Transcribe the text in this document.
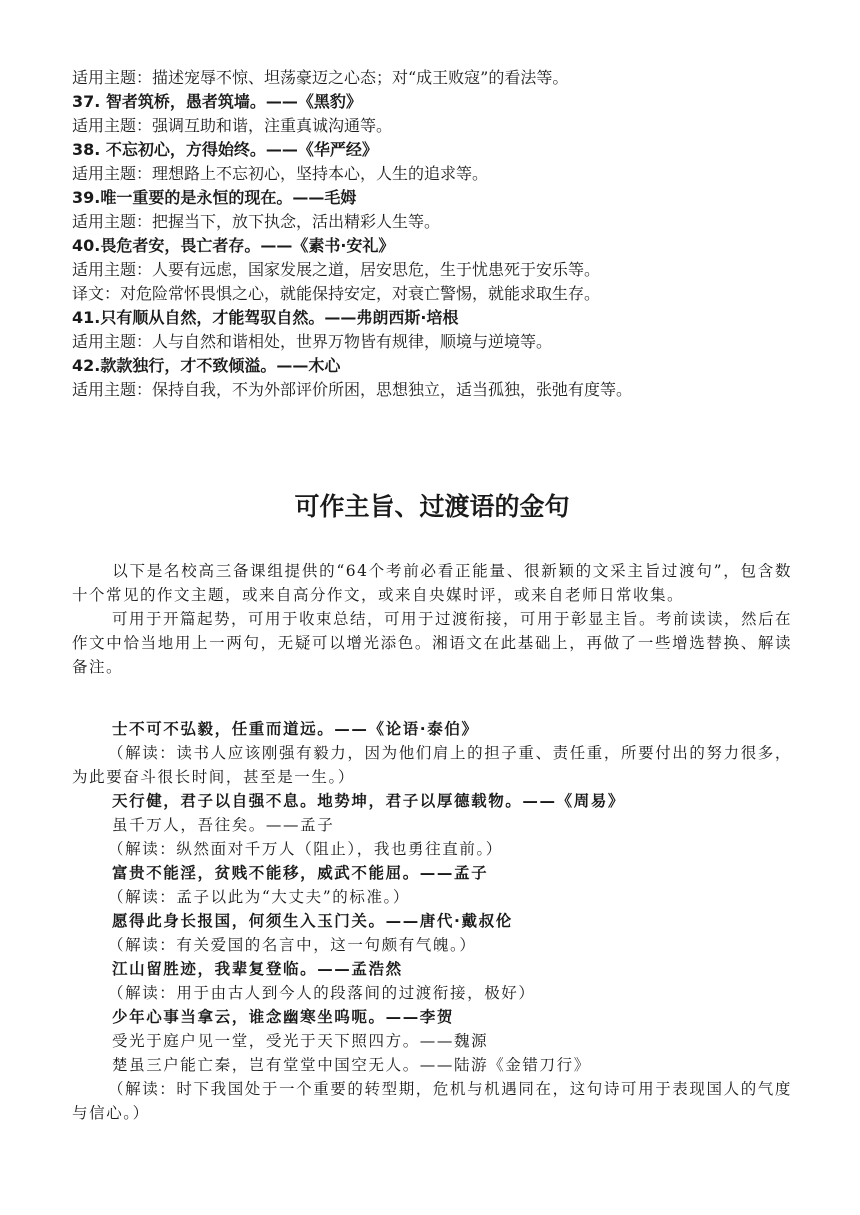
适用主题：描述宠辱不惊、坦荡豪迈之心态；对“成王败寇”的看法等。
37. 智者筑桥，愚者筑墙。——《黑豹》
适用主题：强调互助和谐，注重真诚沟通等。
38. 不忘初心，方得始终。——《华严经》
适用主题：理想路上不忘初心，坚持本心，人生的追求等。
39.唯一重要的是永恒的现在。——毛姆
适用主题：把握当下，放下执念，活出精彩人生等。
40.畏危者安，畏亡者存。——《素书·安礼》
适用主题：人要有远虑，国家发展之道，居安思危，生于忧患死于安乐等。
译文：对危险常怀畏惧之心，就能保持安定，对衰亡警惕，就能求取生存。
41.只有顺从自然，才能驾驭自然。——弗朗西斯·培根
适用主题：人与自然和谐相处，世界万物皆有规律，顺境与逆境等。
42.款款独行，才不致倾溢。——木心
适用主题：保持自我，不为外部评价所困，思想独立，适当孤独，张弛有度等。
可作主旨、过渡语的金句

以下是名校高三备课组提供的“64个考前必看正能量、很新颖的文采主旨过渡句”，包含数十个常见的作文主题，或来自高分作文，或来自央媒时评，或来自老师日常收集。

可用于开篇起势，可用于收束总结，可用于过渡衔接，可用于彰显主旨。考前读读，然后在作文中恰当地用上一两句，无疑可以增光添色。湘语文在此基础上，再做了一些增选替换、解读备注。

士不可不弘毅，任重而道远。——《论语·泰伯》

（解读：读书人应该刚强有毅力，因为他们肩上的担子重、责任重，所要付出的努力很多，为此要奋斗很长时间，甚至是一生。）

天行健，君子以自强不息。地势坤，君子以厚德载物。——《周易》
虽千万人，吾往矣。——孟子

（解读：纵然面对千万人（阻止），我也勇往直前。）

富贵不能淫，贫贱不能移，威武不能屈。——孟子

（解读：孟子以此为“大丈夫”的标准。）

愿得此身长报国，何须生入玉门关。——唐代·戴叔伦

（解读：有关爱国的名言中，这一句颇有气魄。）

江山留胜迹，我辈复登临。——孟浩然

（解读：用于由古人到今人的段落间的过渡衔接，极好）

少年心事当拿云，谁念幽寒坐呜呃。——李贺
受光于庭户见一堂，受光于天下照四方。——魏源
楚虽三户能亡秦，岂有堂堂中国空无人。——陆游《金错刀行》

（解读：时下我国处于一个重要的转型期，危机与机遇同在，这句诗可用于表现国人的气度与信心。）
